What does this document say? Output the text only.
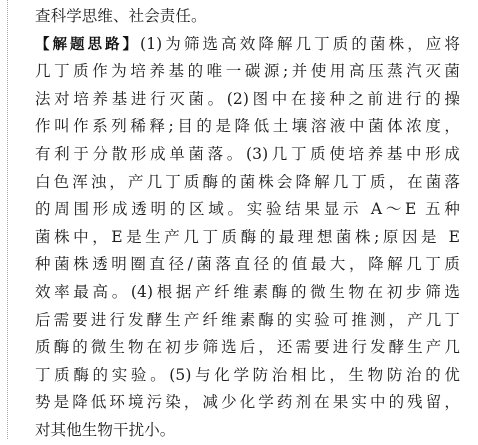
查科学思维、社会责任。
【解题思路】(1)为筛选高效降解几丁质的菌株，应将
几丁质作为培养基的唯一碳源;并使用高压蒸汽灭菌
法对培养基进行灭菌。(2)图中在接种之前进行的操
作叫作系列稀释;目的是降低土壤溶液中菌体浓度，
有利于分散形成单菌落。(3)几丁质使培养基中形成
白色浑浊，产几丁质酶的菌株会降解几丁质，在菌落
的周围形成透明的区域。实验结果显示 A～E 五种
菌株中，E是生产几丁质酶的最理想菌株;原因是 E
种菌株透明圈直径/菌落直径的值最大，降解几丁质
效率最高。(4)根据产纤维素酶的微生物在初步筛选
后需要进行发酵生产纤维素酶的实验可推测，产几丁
质酶的微生物在初步筛选后，还需要进行发酵生产几
丁质酶的实验。(5)与化学防治相比，生物防治的优
势是降低环境污染，减少化学药剂在果实中的残留，
对其他生物干扰小。
